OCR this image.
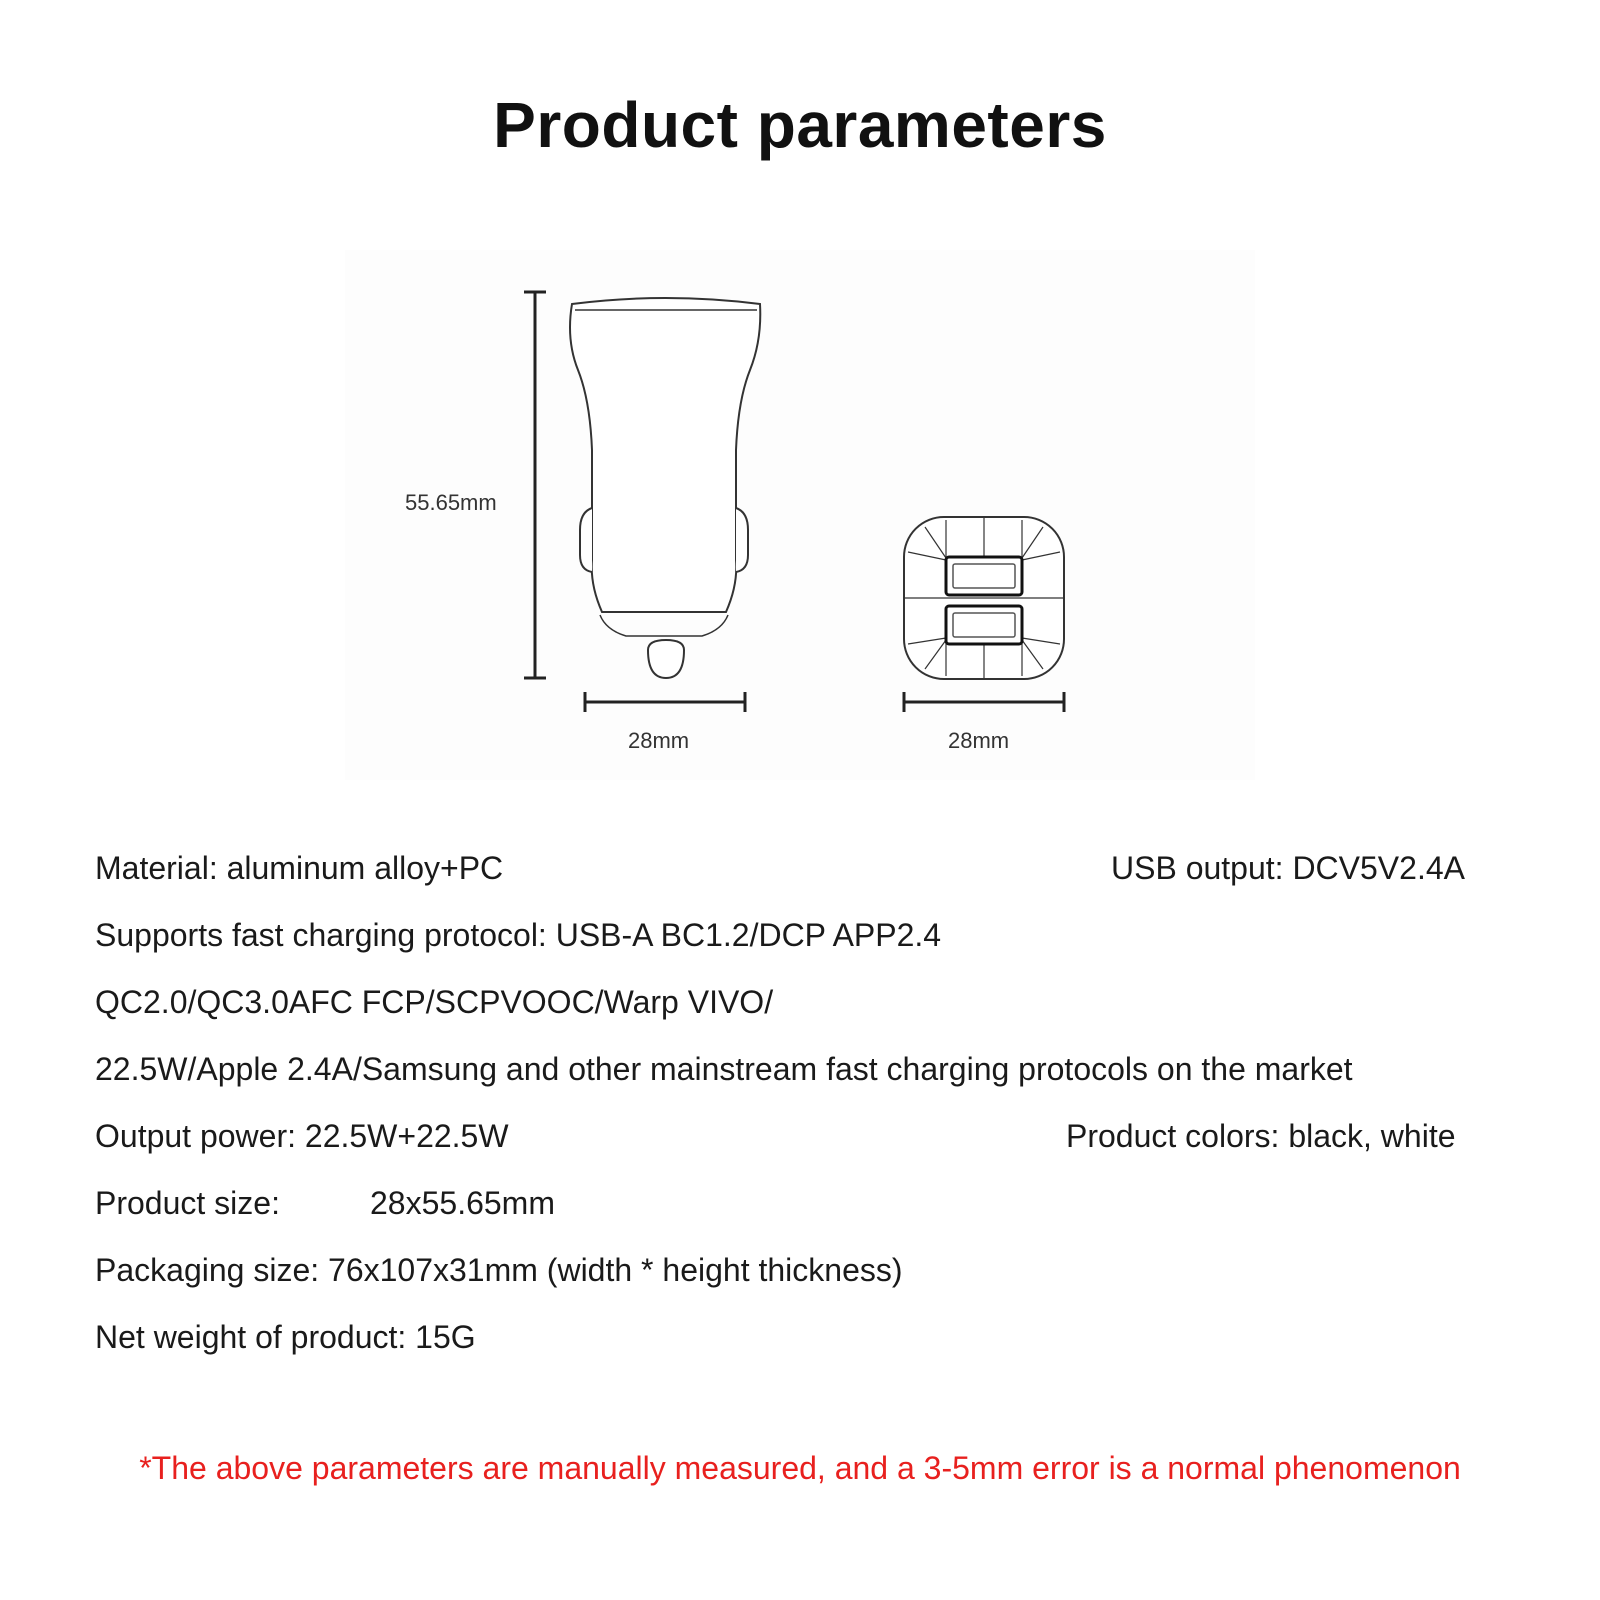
Product parameters
55.65mm
28mm	28mm
Material: aluminum alloy+PC	USB output: DCV5V2.4A
Supports fast charging protocol: USB-A BC1.2/DCP APP2.4
QC2.0/QC3.0AFC FCP/SCPVOOC/Warp VIVO/
22.5W/Apple 2.4A/Samsung and other mainstream fast charging protocols on the market
Output power: 22.5W+22.5W	Product colors: black, white
Product size:	28x55.65mm
Packaging size: 76x107x31mm (width * height thickness)
Net weight of product: 15G
*The above parameters are manually measured, and a 3-5mm error is a normal phenomenon
